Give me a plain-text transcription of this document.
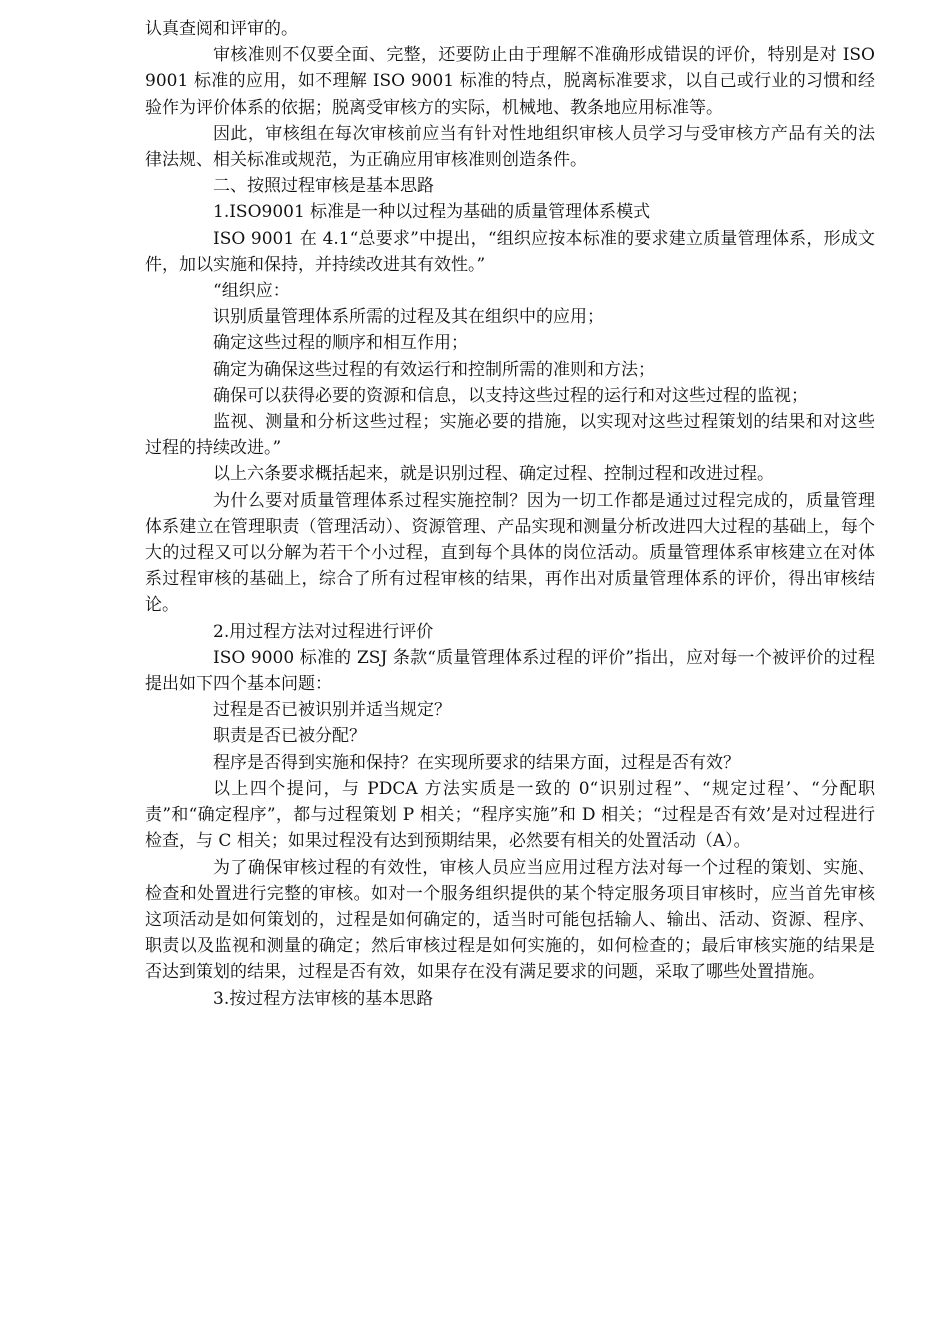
认真查阅和评审的。

审核准则不仅要全面、完整，还要防止由于理解不准确形成错误的评价，特别是对 ISO 9001 标准的应用，如不理解 ISO 9001 标准的特点，脱离标准要求，以自己或行业的习惯和经验作为评价体系的依据；脱离受审核方的实际，机械地、教条地应用标准等。

因此，审核组在每次审核前应当有针对性地组织审核人员学习与受审核方产品有关的法律法规、相关标准或规范，为正确应用审核准则创造条件。

二、按照过程审核是基本思路

1.ISO9001 标准是一种以过程为基础的质量管理体系模式

ISO 9001 在 4.1“总要求”中提出，“组织应按本标准的要求建立质量管理体系，形成文件，加以实施和保持，并持续改进其有效性。”

“组织应：

识别质量管理体系所需的过程及其在组织中的应用；

确定这些过程的顺序和相互作用；

确定为确保这些过程的有效运行和控制所需的准则和方法；

确保可以获得必要的资源和信息，以支持这些过程的运行和对这些过程的监视；

监视、测量和分析这些过程；实施必要的措施，以实现对这些过程策划的结果和对这些过程的持续改进。”

以上六条要求概括起来，就是识别过程、确定过程、控制过程和改进过程。

为什么要对质量管理体系过程实施控制？因为一切工作都是通过过程完成的，质量管理体系建立在管理职责（管理活动）、资源管理、产品实现和测量分析改进四大过程的基础上，每个大的过程又可以分解为若干个小过程，直到每个具体的岗位活动。质量管理体系审核建立在对体系过程审核的基础上，综合了所有过程审核的结果，再作出对质量管理体系的评价，得出审核结论。

2.用过程方法对过程进行评价

ISO 9000 标准的 ZSJ 条款“质量管理体系过程的评价”指出，应对每一个被评价的过程提出如下四个基本问题：

过程是否已被识别并适当规定？

职责是否已被分配？

程序是否得到实施和保持？在实现所要求的结果方面，过程是否有效？

以上四个提问，与 PDCA 方法实质是一致的 0“识别过程”、“规定过程’、“分配职责”和“确定程序”，都与过程策划 P 相关；“程序实施”和 D 相关；“过程是否有效’是对过程进行检查，与 C 相关；如果过程没有达到预期结果，必然要有相关的处置活动（A）。

为了确保审核过程的有效性，审核人员应当应用过程方法对每一个过程的策划、实施、检查和处置进行完整的审核。如对一个服务组织提供的某个特定服务项目审核时，应当首先审核这项活动是如何策划的，过程是如何确定的，适当时可能包括输人、输出、活动、资源、程序、职责以及监视和测量的确定；然后审核过程是如何实施的，如何检查的；最后审核实施的结果是否达到策划的结果，过程是否有效，如果存在没有满足要求的问题，采取了哪些处置措施。

3.按过程方法审核的基本思路
